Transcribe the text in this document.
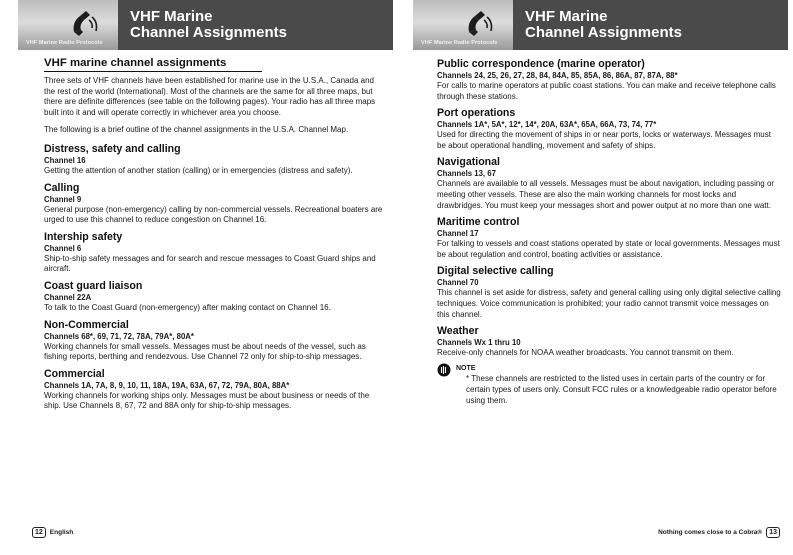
VHF Marine Radio Protocols
VHF Marine
Channel Assignments
VHF marine channel assignments
Three sets of VHF channels have been established for marine use in the U.S.A., Canada and the rest of the world (International). Most of the channels are the same for all three maps, but there are definite differences (see table on the following pages). Your radio has all three maps built into it and will operate correctly in whichever area you choose.
The following is a brief outline of the channel assignments in the U.S.A. Channel Map.
Distress, safety and calling
Channel 16
Getting the attention of another station (calling) or in emergencies (distress and safety).
Calling
Channel 9
General purpose (non-emergency) calling by non-commercial vessels. Recreational boaters are urged to use this channel to reduce congestion on Channel 16.
Intership safety
Channel 6
Ship-to-ship safety messages and for search and rescue messages to Coast Guard ships and aircraft.
Coast guard liaison
Channel 22A
To talk to the Coast Guard (non-emergency) after making contact on Channel 16.
Non-Commercial
Channels 68*, 69, 71, 72, 78A, 79A*, 80A*
Working channels for small vessels. Messages must be about needs of the vessel, such as fishing reports, berthing and rendezvous. Use Channel 72 only for ship-to-ship messages.
Commercial
Channels 1A, 7A, 8, 9, 10, 11, 18A, 19A, 63A, 67, 72, 79A, 80A, 88A*
Working channels for working ships only. Messages must be about business or needs of the ship. Use Channels 8, 67, 72 and 88A only for ship-to-ship messages.
12	English
VHF Marine Radio Protocols
VHF Marine
Channel Assignments
Public correspondence (marine operator)
Channels 24, 25, 26, 27, 28, 84, 84A, 85, 85A, 86, 86A, 87, 87A, 88*
For calls to marine operators at public coast stations. You can make and receive telephone calls through these stations.
Port operations
Channels 1A*, 5A*, 12*, 14*, 20A, 63A*, 65A, 66A, 73, 74, 77*
Used for directing the movement of ships in or near ports, locks or waterways. Messages must be about operational handling, movement and safety of ships.
Navigational
Channels 13, 67
Channels are available to all vessels. Messages must be about navigation, including passing or meeting other vessels. These are also the main working channels for most locks and drawbridges. You must keep your messages short and power output at no more than one watt.
Maritime control
Channel 17
For talking to vessels and coast stations operated by state or local governments. Messages must be about regulation and control, boating activities or assistance.
Digital selective calling
Channel 70
This channel is set aside for distress, safety and general calling using only digital selective calling techniques. Voice communication is prohibited; your radio cannot transmit voice messages on this channel.
Weather
Channels Wx 1 thru 10
Receive-only channels for NOAA weather broadcasts. You cannot transmit on them.
NOTE
* These channels are restricted to the listed uses in certain parts of the country or for certain types of users only. Consult FCC rules or a knowledgeable radio operator before using them.
Nothing comes close to a Cobra®	13
